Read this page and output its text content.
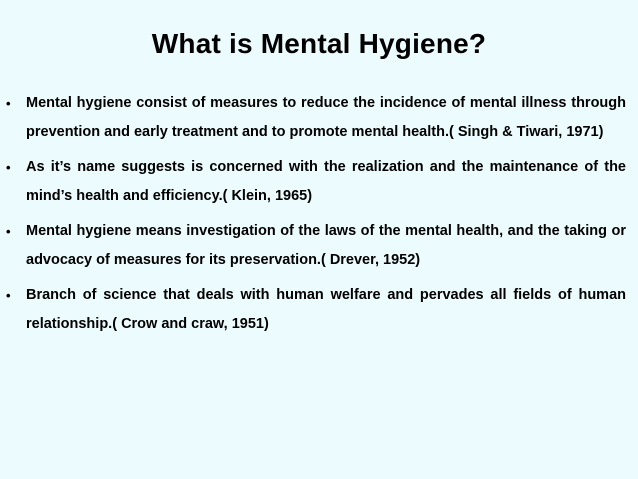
What is Mental Hygiene?
• Mental hygiene consist of measures to reduce the incidence of mental illness through prevention and early treatment and to promote mental health.( Singh & Tiwari, 1971)
• As it’s name suggests is concerned with the realization and the maintenance of the mind’s health and efficiency.( Klein, 1965)
• Mental hygiene means investigation of the laws of the mental health, and the taking or advocacy of measures for its preservation.( Drever, 1952)
• Branch of science that deals with human welfare and pervades all fields of human relationship.( Crow and craw, 1951)
